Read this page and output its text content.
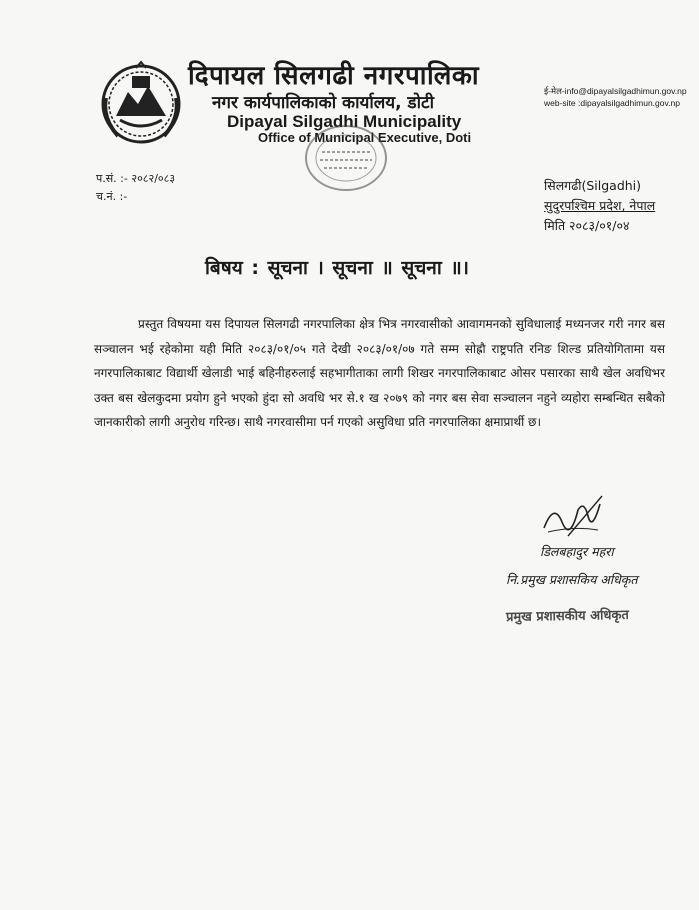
दिपायल सिलगढी नगरपालिका
नगर कार्यपालिकाको कार्यालय, डोटी
Dipayal Silgadhi Municipality
Office of Municipal Executive, Doti
ई-मेल-info@dipayalsilgadhimun.gov.np
web-site :dipayalsilgadhimun.gov.np
प.सं. :- २०८२/०८३
च.नं. :-
सिलगढी(Silgadhi)
सुदुरपश्चिम प्रदेश, नेपाल
मिति २०८३/०१/०४
बिषय : सूचना । सूचना ॥ सूचना ॥।
प्रस्तुत विषयमा यस दिपायल सिलगढी नगरपालिका क्षेत्र भित्र नगरवासीको आवागमनको सुविधालाई मध्यनजर गरी नगर बस सञ्चालन भई रहेकोमा यही मिति २०८३/०१/०५ गते देखी २०८३/०१/०७ गते सम्म सोह्रौ राष्ट्रपति रनिङ शिल्ड प्रतियोगितामा यस नगरपालिकाबाट विद्यार्थी खेलाडी भाई बहिनीहरुलाई सहभागीताका लागी शिखर नगरपालिकाबाट ओसर पसारका साथै खेल अवधिभर उक्त बस खेलकुदमा प्रयोग हुने भएको हुंदा सो अवधि भर से.१ ख २०७९ को नगर बस सेवा सञ्चालन नहुने व्यहोरा सम्बन्धित सबैको जानकारीको लागी अनुरोध गरिन्छ। साथै नगरवासीमा पर्न गएको असुविधा प्रति नगरपालिका क्षमाप्रार्थी छ।
डिलबहादुर महरा
नि.प्रमुख प्रशासकिय अधिकृत
प्रमुख प्रशासकीय अधिकृत
